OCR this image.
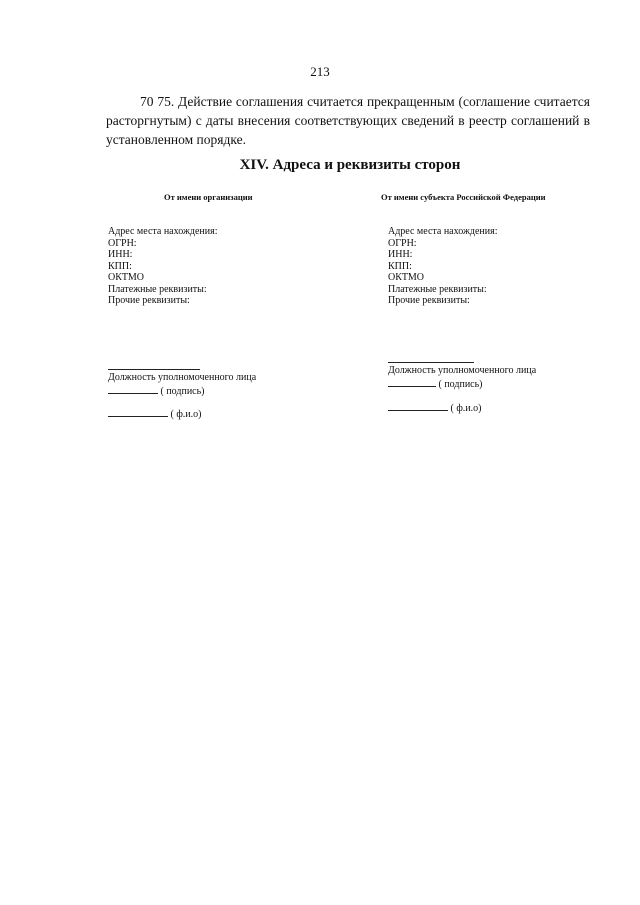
213

70 75. Действие соглашения считается прекращенным (соглашение считается расторгнутым) с даты внесения соответствующих сведений в реестр соглашений в установленном порядке.

XIV. Адреса и реквизиты сторон
От имени организации
Адрес места нахождения:
ОГРН:
ИНН:
КПП:
ОКТМО
Платежные реквизиты:
Прочие реквизиты:
Должность уполномоченного лица
( подпись)
( ф.и.о)
От имени субъекта Российской Федерации
Адрес места нахождения:
ОГРН:
ИНН:
КПП:
ОКТМО
Платежные реквизиты:
Прочие реквизиты:
Должность уполномоченного лица
( подпись)
( ф.и.о)
